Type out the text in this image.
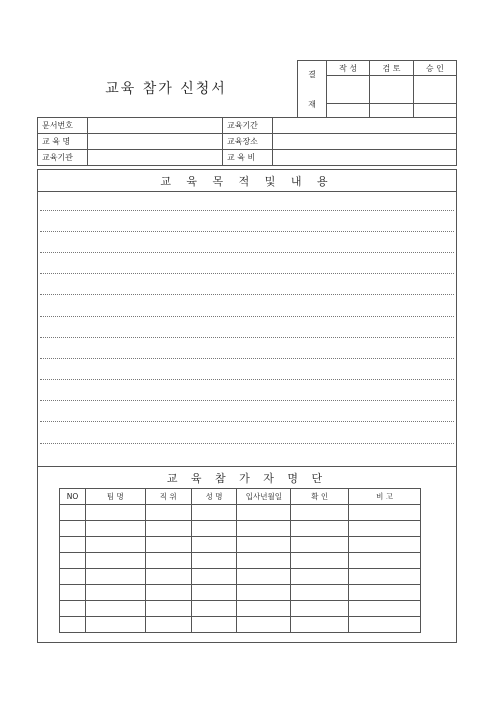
교육 참가 신청서
결

재	작 성	검 토	승 인

문서번호		교육기간	
교 육 명		교육장소	
교육기관		교 육 비	
교 육 목 적 및 내 용
교 육 참 가 자 명 단
NO	팀 명	직 위	성 명	입사년월일	확 인	비 고
